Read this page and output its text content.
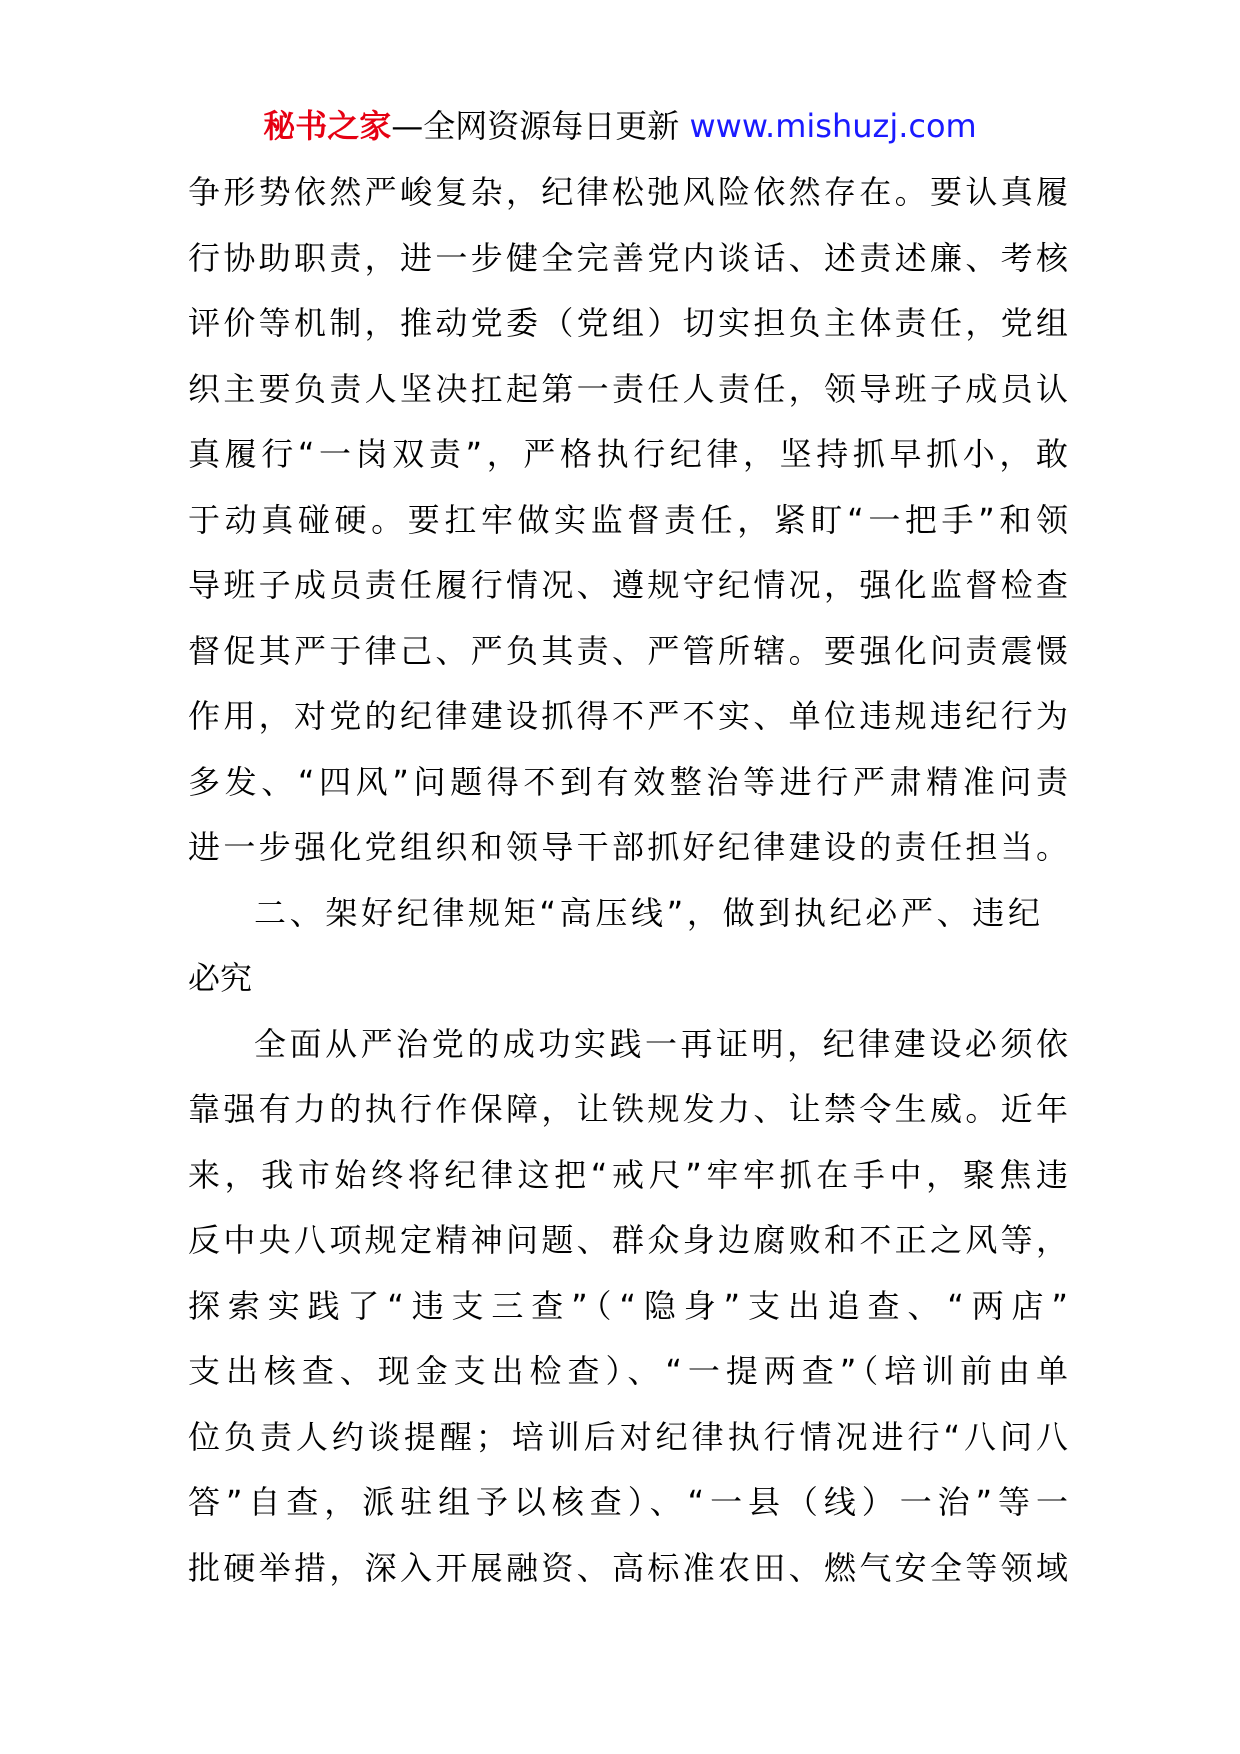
秘书之家—全网资源每日更新 www.mishuzj.com
争形势依然严峻复杂，纪律松弛风险依然存在。要认真履
行协助职责，进一步健全完善党内谈话、述责述廉、考核
评价等机制，推动党委（党组）切实担负主体责任，党组
织主要负责人坚决扛起第一责任人责任，领导班子成员认
真履行“一岗双责”，严格执行纪律，坚持抓早抓小，敢
于动真碰硬。要扛牢做实监督责任，紧盯“一把手”和领
导班子成员责任履行情况、遵规守纪情况，强化监督检查
督促其严于律己、严负其责、严管所辖。要强化问责震慑
作用，对党的纪律建设抓得不严不实、单位违规违纪行为
多发、“四风”问题得不到有效整治等进行严肃精准问责
进一步强化党组织和领导干部抓好纪律建设的责任担当。
二、架好纪律规矩“高压线”，做到执纪必严、违纪
必究
全面从严治党的成功实践一再证明，纪律建设必须依
靠强有力的执行作保障，让铁规发力、让禁令生威。近年
来，我市始终将纪律这把“戒尺”牢牢抓在手中，聚焦违
反中央八项规定精神问题、群众身边腐败和不正之风等，
探索实践了“违支三查”（“隐身”支出追查、“两店”
支出核查、现金支出检查）、“一提两查”（培训前由单
位负责人约谈提醒；培训后对纪律执行情况进行“八问八
答”自查，派驻组予以核查）、“一县（线）一治”等一
批硬举措，深入开展融资、高标准农田、燃气安全等领域
